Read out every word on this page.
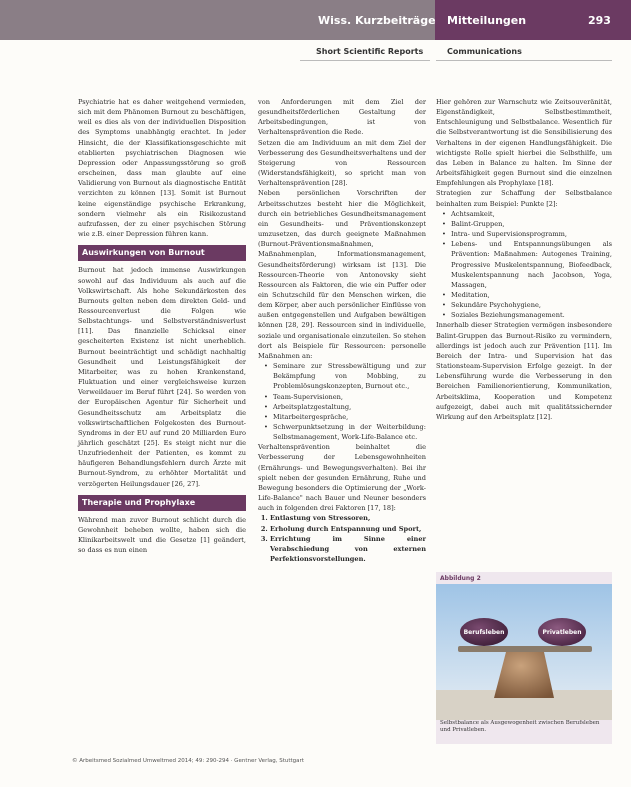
Wiss. Kurzbeiträge Mitteilungen	293
Short Scientific Reports	Communications

Psychiatrie hat es daher weitgehend vermieden, sich mit dem Phänomen Burnout zu beschäftigen, weil es dies als von der individuellen Disposition des Symptoms unabhängig erachtet. In jeder Hinsicht, die der Klassifikationsgeschichte mit etablierten psychiatrischen Diagnosen wie Depression oder Anpassungsstörung so groß erscheinen, dass man glaubte auf eine Validierung von Burnout als diagnostische Entität verzichten zu können [13]. Somit ist Burnout keine eigenständige psychische Erkrankung, sondern vielmehr als ein Risikozustand aufzufassen, der zu einer psychischen Störung wie z.B. einer Depression führen kann.

Auswirkungen von Burnout

Burnout hat jedoch immense Auswirkungen sowohl auf das Individuum als auch auf die Volkswirtschaft. Als hohe Sekundärkosten des Burnouts gelten neben dem direkten Geld- und Ressourcenverlust die Folgen wie Selbstachtungs- und Selbstverständnisverlust [11]. Das finanzielle Schicksal einer gescheiterten Existenz ist nicht unerheblich. Burnout beeinträchtigt und schädigt nachhaltig Gesundheit und Leistungsfähigkeit der Mitarbeiter, was zu hohen Krankenstand, Fluktuation und einer vergleichsweise kurzen Verweildauer im Beruf führt [24]. So werden von der Europäischen Agentur für Sicherheit und Gesundheitsschutz am Arbeitsplatz die volkswirtschaftlichen Folgekosten des Burnout-Syndroms in der EU auf rund 20 Milliarden Euro jährlich geschätzt [25]. Es steigt nicht nur die Unzufriedenheit der Patienten, es kommt zu häufigeren Behandlungsfehlern durch Ärzte mit Burnout-Syndrom, zu erhöhter Mortalität und verzögerten Heilungsdauer [26, 27].

Therapie und Prophylaxe

Während man zuvor Burnout schlicht durch die Gewohnheit beheben wollte, haben sich die Klinikarbeitswelt und die Gesetze [1] geändert, so dass es nun einen

von Anforderungen mit dem Ziel der gesundheitsförderlichen Gestaltung der Arbeitsbedingungen, ist von Verhaltensprävention die Rede.

Setzen die am Individuum an mit dem Ziel der Verbesserung des Gesundheitsverhaltens und der Steigerung von Ressourcen (Widerstandsfähigkeit), so spricht man von Verhaltensprävention [28].

Neben persönlichen Vorschriften der Arbeitsschutzes besteht hier die Möglichkeit, durch ein betriebliches Gesundheitsmanagement ein Gesundheits- und Präventionskonzept umzusetzen, das durch geeignete Maßnahmen (Burnout-Präventionsmaßnahmen, Maßnahmenplan, Informationsmanagement, Gesundheitsförderung) wirksam ist [13]. Die Ressourcen-Theorie von Antonovsky sieht Ressourcen als Faktoren, die wie ein Puffer oder ein Schutzschild für den Menschen wirken, die dem Körper, aber auch persönlicher Einflüsse von außen entgegenstellen und Aufgaben bewältigen können [28, 29]. Ressourcen sind in individuelle, soziale und organisationale einzuteilen. So stehen dort als Beispiele für Ressourcen: personelle Maßnahmen an:

• Seminare zur Stressbewältigung und zur Bekämpfung von Mobbing, zu Problemlösungskonzepten, Burnout etc.,
• Team-Supervisionen,
• Arbeitsplatzgestaltung,
• Mitarbeitergespräche,
• Schwerpunktsetzung in der Weiterbildung: Selbstmanagement, Work-Life-Balance etc.

Verhaltensprävention beinhaltet die Verbesserung der Lebensgewohnheiten (Ernährungs- und Bewegungsverhalten). Bei ihr spielt neben der gesunden Ernährung, Ruhe und Bewegung besonders die Optimierung der „Work-Life-Balance" nach Bauer und Neuner besonders auch in folgenden drei Faktoren [17, 18]:

1. Entlastung von Stressoren,
2. Erholung durch Entspannung und Sport,
3. Errichtung im Sinne einer Verabschiedung von externen Perfektionsvorstellungen.

Hier gehören zur Warnschutz wie Zeitsouveränität, Eigenständigkeit, Selbstbestimmtheit, Entschleunigung und Selbstbalance. Wesentlich für die Selbstverantwortung ist die Sensibilisierung des Verhaltens in der eigenen Handlungsfähigkeit. Die wichtigste Rolle spielt hierbei die Selbsthilfe, um das Leben in Balance zu halten. Im Sinne der Arbeitsfähigkeit gegen Burnout sind die einzelnen Empfehlungen als Prophylaxe [18].

Strategien zur Schaffung der Selbstbalance beinhalten zum Beispiel: Punkte [2]:

• Achtsamkeit,
• Balint-Gruppen,
• Intra- und Supervisionsprogramm,
• Lebens- und Entspannungsübungen als Prävention: Maßnahmen: Autogenes Training, Progressive Muskelentspannung, Biofeedback, Muskelentspannung nach Jacobson, Yoga, Massagen,
• Meditation,
• Sekundäre Psychohygiene,
• Soziales Beziehungsmanagement.

Innerhalb dieser Strategien vermögen insbesondere Balint-Gruppen das Burnout-Risiko zu vermindern, allerdings ist jedoch auch zur Prävention [11]. Im Bereich der Intra- und Supervision hat das Stationsteam-Supervision Erfolge gezeigt. In der Lebensführung wurde die Verbesserung in den Bereichen Familienorientierung, Kommunikation, Arbeitsklima, Kooperation und Kompetenz aufgezeigt, dabei auch mit qualitätssichernder Wirkung auf den Arbeitsplatz [12].

Abbildung 2
Berufsleben	Privatleben
Selbstbalance als Ausgewogenheit zwischen Berufsleben und Privatleben.
© Arbeitsmed Sozialmed Umweltmed 2014; 49: 290-294 · Gentner Verlag, Stuttgart
